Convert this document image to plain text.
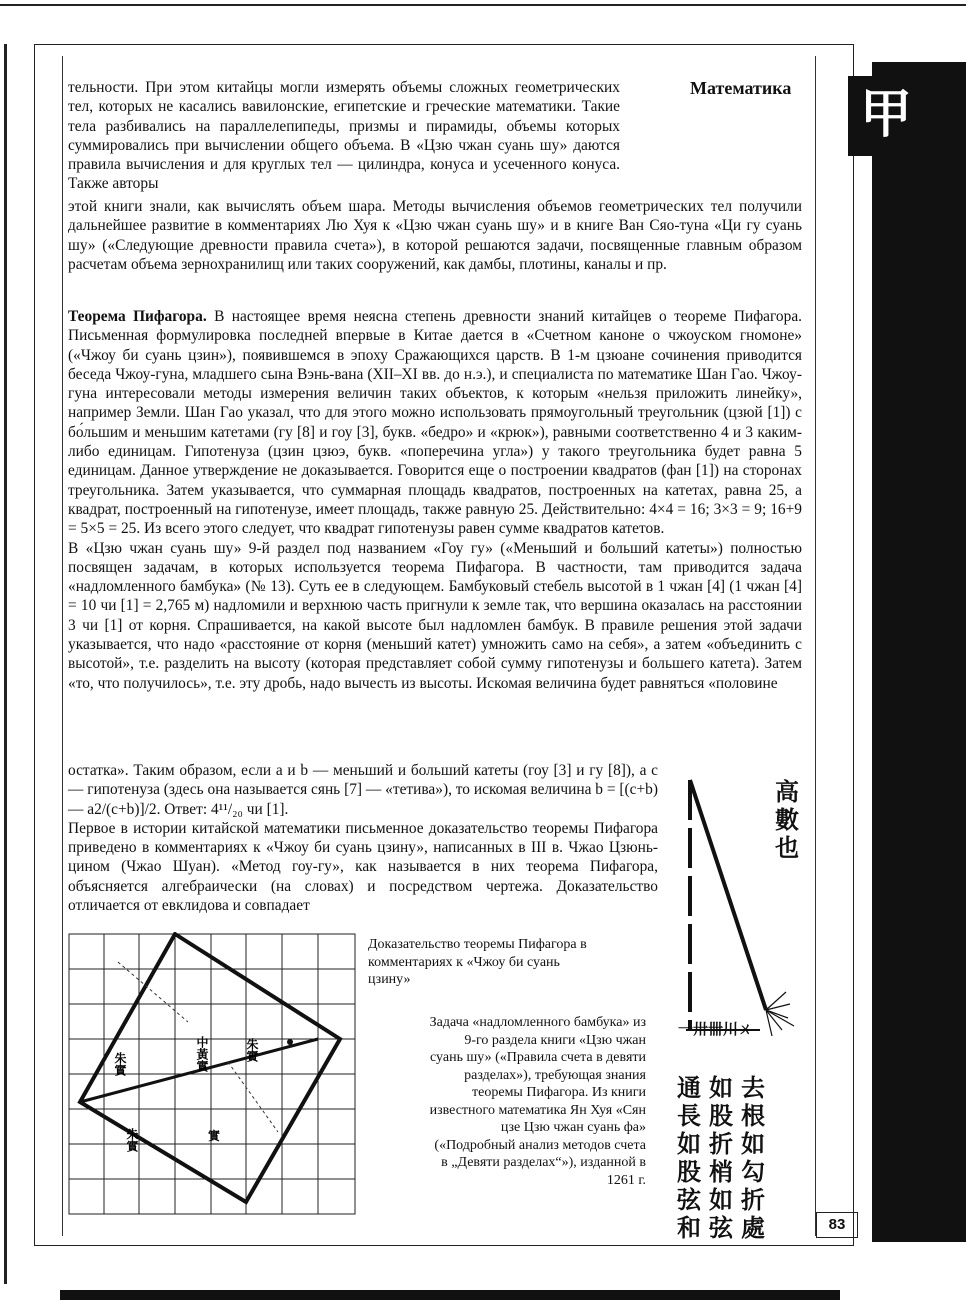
甲
Математика

тельности. При этом китайцы могли измерять объемы сложных геометрических тел, которых не касались вавилонские, египетские и греческие математики. Такие тела разбивались на параллелепипеды, призмы и пирамиды, объемы которых суммировались при вычислении общего объема. В «Цзю чжан суань шу» даются правила вычисления и для круглых тел — цилиндра, конуса и усеченного конуса. Также авторы

этой книги знали, как вычислять объем шара. Методы вычисления объемов геометрических тел получили дальнейшее развитие в комментариях Лю Хуя к «Цзю чжан суань шу» и в книге Ван Сяо-туна «Ци гу суань шу» («Следующие древности правила счета»), в которой решаются задачи, посвященные главным образом расчетам объема зернохранилищ или таких сооружений, как дамбы, плотины, каналы и пр.

Теорема Пифагора. В настоящее время неясна степень древности знаний китайцев о теореме Пифагора. Письменная формулировка последней впервые в Китае дается в «Счетном каноне о чжоуском гномоне» («Чжоу би суань цзин»), появившемся в эпоху Сражающихся царств. В 1-м цзюане сочинения приводится беседа Чжоу-гуна, младшего сына Вэнь-вана (XII–XI вв. до н.э.), и специалиста по математике Шан Гао. Чжоу-гуна интересовали методы измерения величин таких объектов, к которым «нельзя приложить линейку», например Земли. Шан Гао указал, что для этого можно использовать прямоугольный треугольник (цзюй [1]) с бо́льшим и меньшим катетами (гу [8] и гоу [3], букв. «бедро» и «крюк»), равными соответственно 4 и 3 каким-либо единицам. Гипотенуза (цзин цзюэ, букв. «поперечина угла») у такого треугольника будет равна 5 единицам. Данное утверждение не доказывается. Говорится еще о построении квадратов (фан [1]) на сторонах треугольника. Затем указывается, что суммарная площадь квадратов, построенных на катетах, равна 25, а квадрат, построенный на гипотенузе, имеет площадь, также равную 25. Действительно: 4×4 = 16; 3×3 = 9; 16+9 = 5×5 = 25. Из всего этого следует, что квадрат гипотенузы равен сумме квадратов катетов.
В «Цзю чжан суань шу» 9-й раздел под названием «Гоу гу» («Меньший и больший катеты») полностью посвящен задачам, в которых используется теорема Пифагора. В частности, там приводится задача «надломленного бамбука» (№ 13). Суть ее в следующем. Бамбуковый стебель высотой в 1 чжан [4] (1 чжан [4] = 10 чи [1] = 2,765 м) надломили и верхнюю часть пригнули к земле так, что вершина оказалась на расстоянии 3 чи [1] от корня. Спрашивается, на какой высоте был надломлен бамбук. В правиле решения этой задачи указывается, что надо «расстояние от корня (меньший катет) умножить само на себя», а затем «объединить с высотой», т.е. разделить на высоту (которая представляет собой сумму гипотенузы и большего катета). Затем «то, что получилось», т.е. эту дробь, надо вычесть из высоты. Искомая величина будет равняться «половине

остатка». Таким образом, если a и b — меньший и больший катеты (гоу [3] и гу [8]), а c — гипотенуза (здесь она называется сянь [7] — «тетива»), то искомая величина b = [(c+b) — a2/(c+b)]/2. Ответ: 4¹¹/₂₀ чи [1].

Первое в истории китайской математики письменное доказательство теоремы Пифагора приведено в комментариях к «Чжоу би суань цзину», написанных в III в. Чжао Цзюнь-цином (Чжао Шуан). «Метод гоу-гу», как называется в них теорема Пифагора, объясняется алгебраически (на словах) и посредством чертежа. Доказательство отличается от евклидова и совпадает

朱實	中黃實	朱實
朱實	實
Доказательство теоремы Пифагора в комментариях к «Чжоу би суань цзину»
Задача «надломленного бамбука» из 9-го раздела книги «Цзю чжан суань шу» («Правила счета в девяти разделах»), требующая знания теоремы Пифагора. Из книги известного математика Ян Хуя «Сян цзе Цзю чжан суань фа» («Подробный анализ методов счета в „Девяти разделах“»), изданной в 1261 г.
一卅卌川ㄨ
高數也
通長如股弦和
如股折梢如弦
去根如勾折處	83
